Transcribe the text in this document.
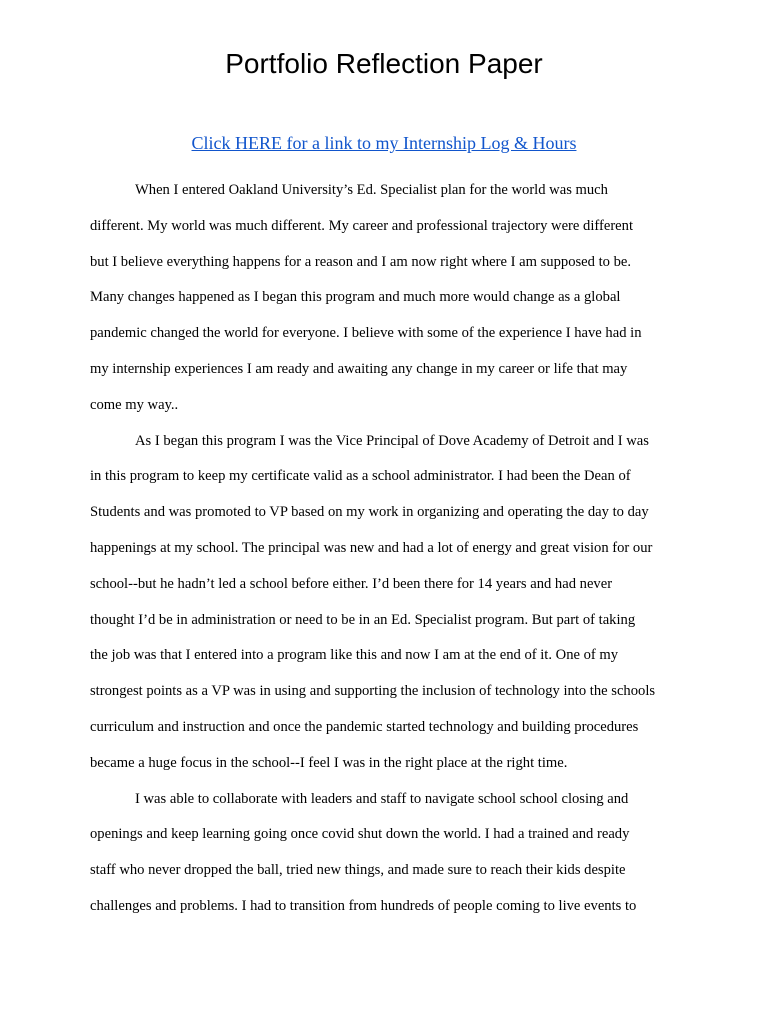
Portfolio Reflection Paper
Click HERE for a link to my Internship Log & Hours
When I entered Oakland University’s Ed. Specialist plan for the world was much
different. My world was much different. My career and professional trajectory were different
but I believe everything happens for a reason and I am now right where I am supposed to be.
Many changes happened as I began this program and much more would change as a global
pandemic changed the world for everyone. I believe with some of the experience I have had in
my internship experiences I am ready and awaiting any change in my career or life that may
come my way..
As I began this program I was the Vice Principal of Dove Academy of Detroit and I was
in this program to keep my certificate valid as a school administrator. I had been the Dean of
Students and was promoted to VP based on my work in organizing and operating the day to day
happenings at my school. The principal was new and had a lot of energy and great vision for our
school--but he hadn’t led a school before either. I’d been there for 14 years and had never
thought I’d be in administration or need to be in an Ed. Specialist program. But part of taking
the job was that I entered into a program like this and now I am at the end of it. One of my
strongest points as a VP was in using and supporting the inclusion of technology into the schools
curriculum and instruction and once the pandemic started technology and building procedures
became a huge focus in the school--I feel I was in the right place at the right time.
I was able to collaborate with leaders and staff to navigate school school closing and
openings and keep learning going once covid shut down the world. I had a trained and ready
staff who never dropped the ball, tried new things, and made sure to reach their kids despite
challenges and problems. I had to transition from hundreds of people coming to live events to
